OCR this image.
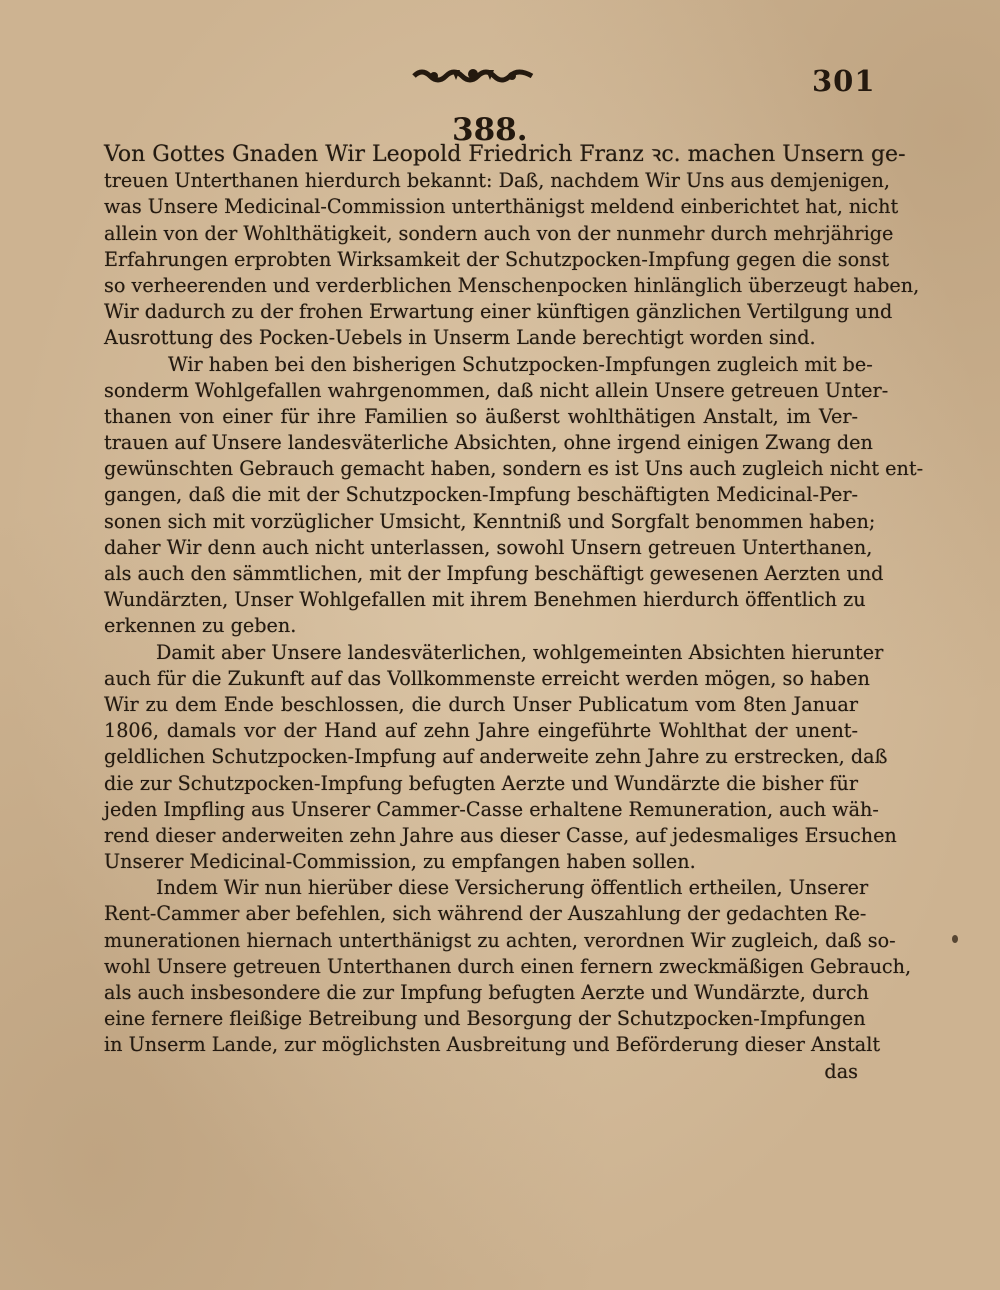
301
388.
Von Gottes Gnaden Wir Leopold Friedrich Franz ꝛc. machen Unsern ge-
treuen Unterthanen hierdurch bekannt: Daß, nachdem Wir Uns aus demjenigen,
was Unsere Medicinal-Commission unterthänigst meldend einberichtet hat, nicht
allein von der Wohlthätigkeit, sondern auch von der nunmehr durch mehrjährige
Erfahrungen erprobten Wirksamkeit der Schutzpocken-Impfung gegen die sonst
so verheerenden und verderblichen Menschenpocken hinlänglich überzeugt haben,
Wir dadurch zu der frohen Erwartung einer künftigen gänzlichen Vertilgung und
Ausrottung des Pocken-Uebels in Unserm Lande berechtigt worden sind.
Wir haben bei den bisherigen Schutzpocken-Impfungen zugleich mit be-
sonderm Wohlgefallen wahrgenommen, daß nicht allein Unsere getreuen Unter-
thanen von einer für ihre Familien so äußerst wohlthätigen Anstalt, im Ver-
trauen auf Unsere landesväterliche Absichten, ohne irgend einigen Zwang den
gewünschten Gebrauch gemacht haben, sondern es ist Uns auch zugleich nicht ent-
gangen, daß die mit der Schutzpocken-Impfung beschäftigten Medicinal-Per-
sonen sich mit vorzüglicher Umsicht, Kenntniß und Sorgfalt benommen haben;
daher Wir denn auch nicht unterlassen, sowohl Unsern getreuen Unterthanen,
als auch den sämmtlichen, mit der Impfung beschäftigt gewesenen Aerzten und
Wundärzten, Unser Wohlgefallen mit ihrem Benehmen hierdurch öffentlich zu
erkennen zu geben.
Damit aber Unsere landesväterlichen, wohlgemeinten Absichten hierunter
auch für die Zukunft auf das Vollkommenste erreicht werden mögen, so haben
Wir zu dem Ende beschlossen, die durch Unser Publicatum vom 8ten Januar
1806, damals vor der Hand auf zehn Jahre eingeführte Wohlthat der unent-
geldlichen Schutzpocken-Impfung auf anderweite zehn Jahre zu erstrecken, daß
die zur Schutzpocken-Impfung befugten Aerzte und Wundärzte die bisher für
jeden Impfling aus Unserer Cammer-Casse erhaltene Remuneration, auch wäh-
rend dieser anderweiten zehn Jahre aus dieser Casse, auf jedesmaliges Ersuchen
Unserer Medicinal-Commission, zu empfangen haben sollen.
Indem Wir nun hierüber diese Versicherung öffentlich ertheilen, Unserer
Rent-Cammer aber befehlen, sich während der Auszahlung der gedachten Re-
munerationen hiernach unterthänigst zu achten, verordnen Wir zugleich, daß so-
wohl Unsere getreuen Unterthanen durch einen fernern zweckmäßigen Gebrauch,
als auch insbesondere die zur Impfung befugten Aerzte und Wundärzte, durch
eine fernere fleißige Betreibung und Besorgung der Schutzpocken-Impfungen
in Unserm Lande, zur möglichsten Ausbreitung und Beförderung dieser Anstalt
das
